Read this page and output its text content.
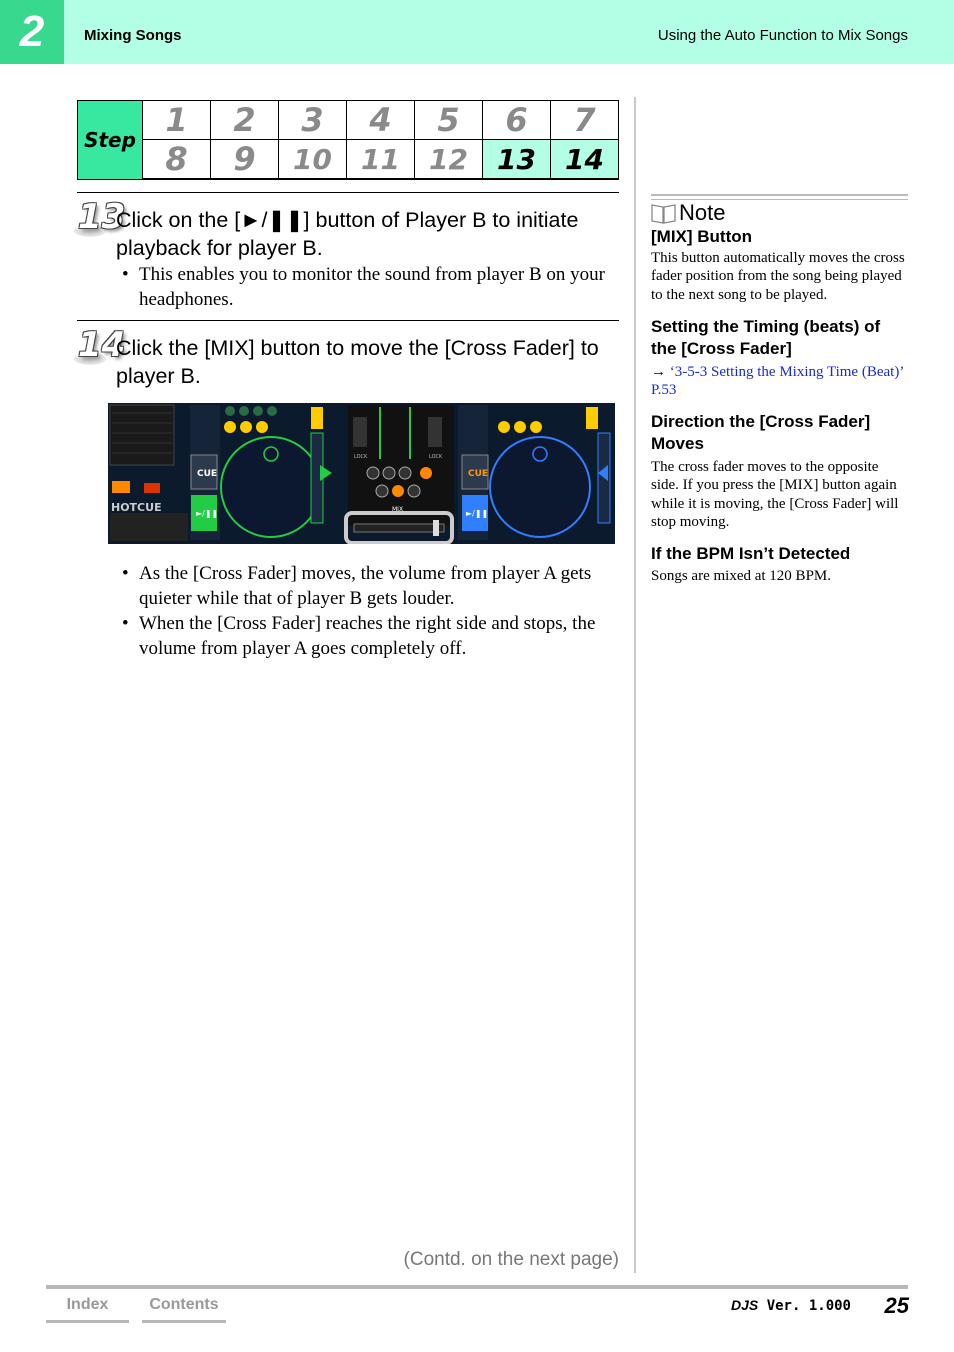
2	Mixing Songs	Using the Auto Function to Mix Songs
Step	1	2	3	4	5	6	7
	8	9	10	11	12	13	14
13
Click on the [►/❚❚] button of Player B to initiate playback for player B.
• This enables you to monitor the sound from player B on your headphones.
14
Click the [MIX] button to move the [Cross Fader] to player B.
HOTCUE
CUE
►/❚❚
LOCK	LOCK
MIX
CUE
►/❚❚
• As the [Cross Fader] moves, the volume from player A gets quieter while that of player B gets louder.
• When the [Cross Fader] reaches the right side and stops, the volume from player A goes completely off.
Note
[MIX] Button
This button automatically moves the cross fader position from the song being played to the next song to be played.
Setting the Timing (beats) of the [Cross Fader]
→ ‘3-5-3 Setting the Mixing Time (Beat)’ P.53
Direction the [Cross Fader] Moves
The cross fader moves to the opposite side. If you press the [MIX] button again while it is moving, the [Cross Fader] will stop moving.
If the BPM Isn’t Detected
Songs are mixed at 120 BPM.
(Contd. on the next page)
Index	Contents	DJS Ver. 1.000 25
